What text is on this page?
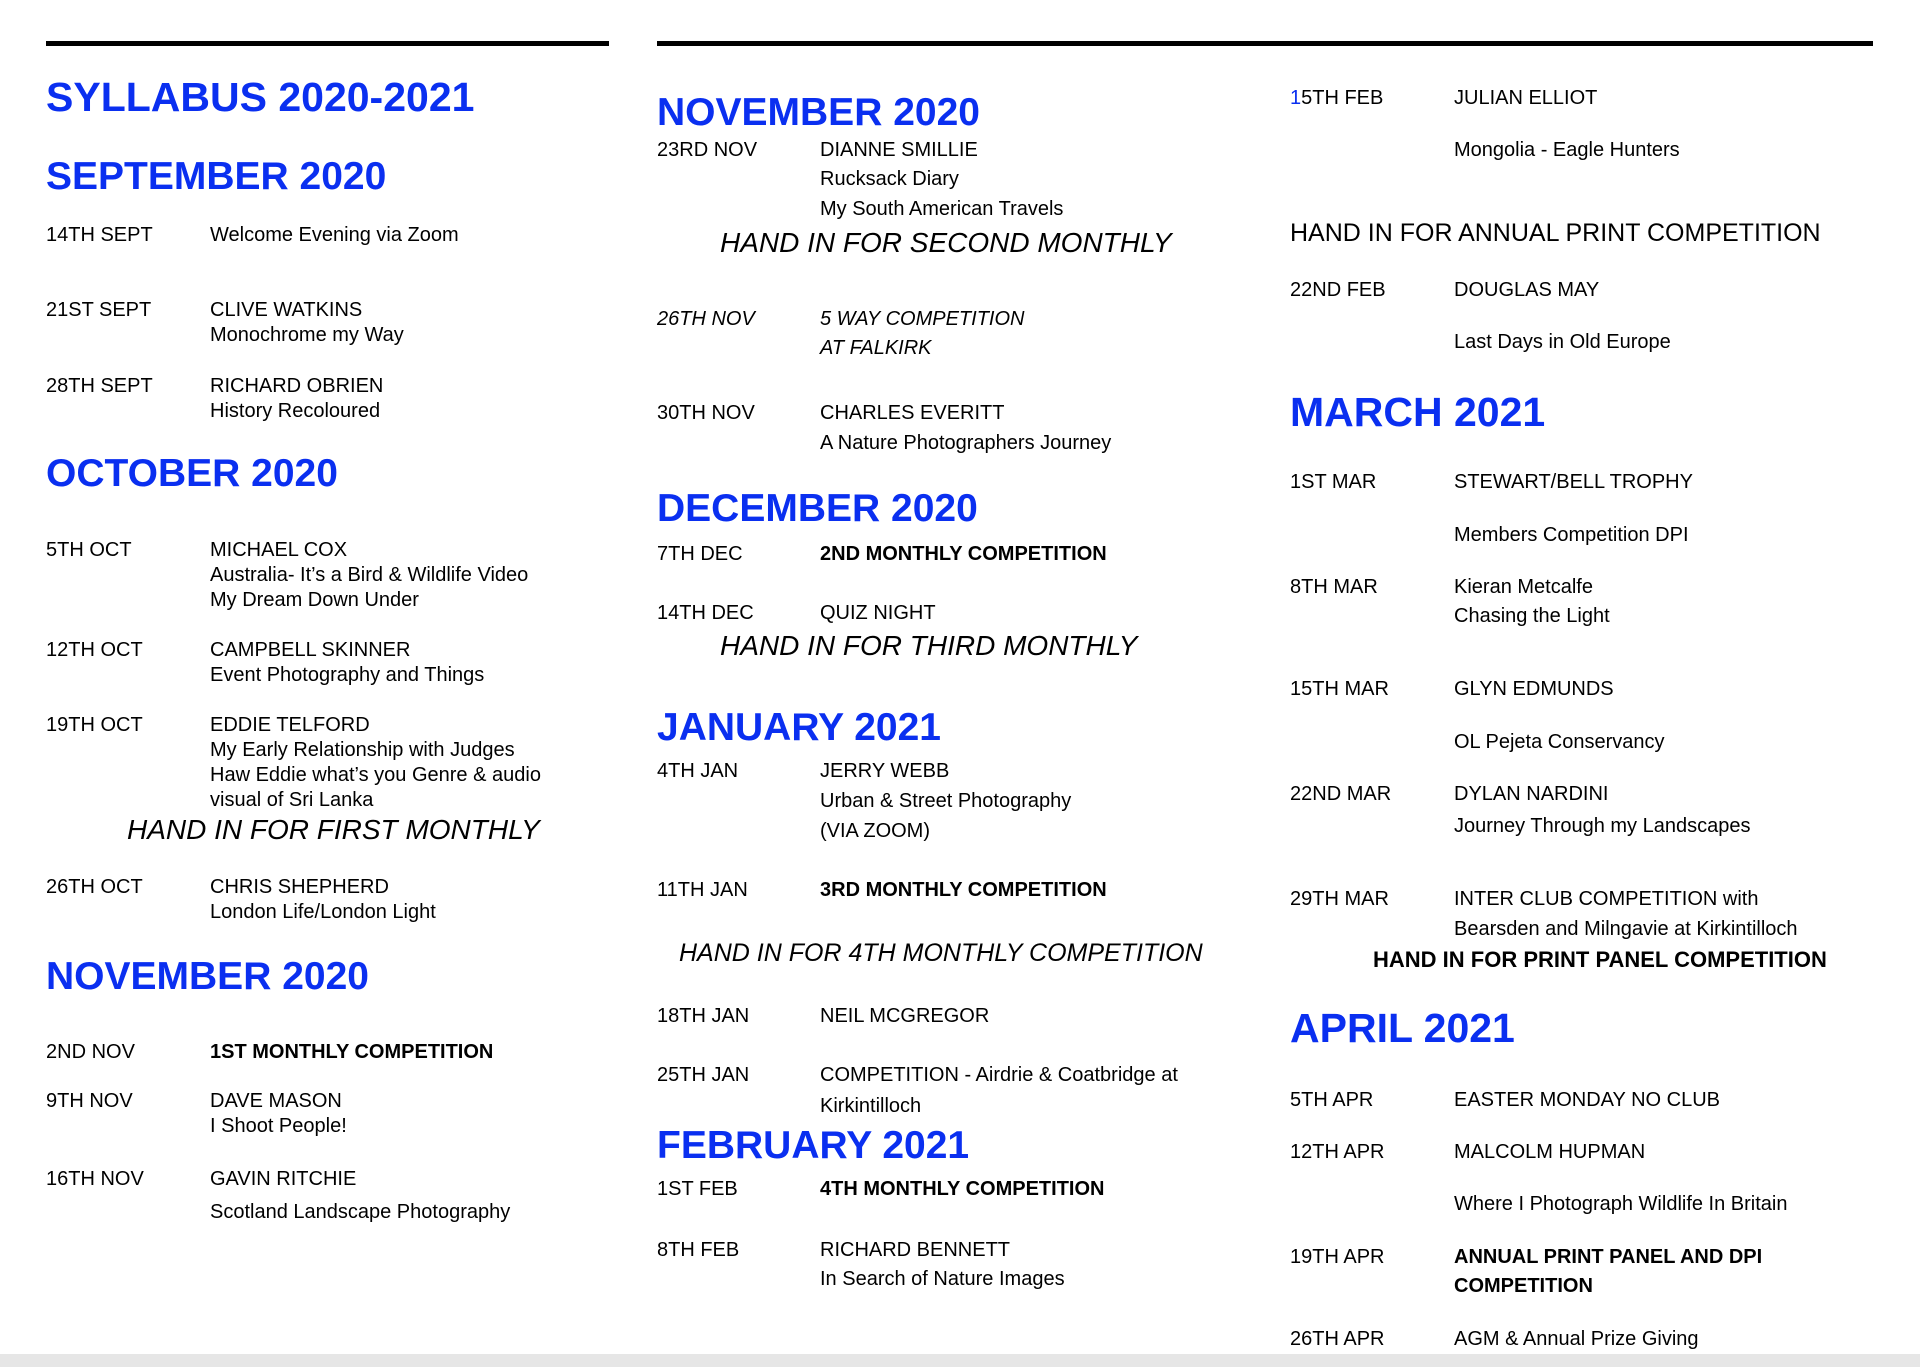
SYLLABUS 2020-2021
SEPTEMBER 2020
14TH SEPT	Welcome Evening via Zoom
21ST SEPT	CLIVE WATKINS
Monochrome my Way
28TH SEPT	RICHARD OBRIEN
History Recoloured
OCTOBER 2020
5TH OCT	MICHAEL COX
Australia- It’s a Bird & Wildlife Video
My Dream Down Under
12TH OCT	CAMPBELL SKINNER
Event Photography and Things
19TH OCT	EDDIE TELFORD
My Early Relationship with Judges
Haw Eddie what’s you Genre & audio
visual of Sri Lanka
HAND IN FOR FIRST MONTHLY
26TH OCT	CHRIS SHEPHERD
London Life/London Light
NOVEMBER 2020
2ND NOV	1ST MONTHLY COMPETITION
9TH NOV	DAVE MASON
I Shoot People!
16TH NOV	GAVIN RITCHIE
Scotland Landscape Photography
NOVEMBER 2020
23RD NOV	DIANNE SMILLIE
Rucksack Diary
My South American Travels
HAND IN FOR SECOND MONTHLY
26TH NOV	5 WAY COMPETITION
AT FALKIRK
30TH NOV	CHARLES EVERITT
A Nature Photographers Journey
DECEMBER 2020
7TH DEC	2ND MONTHLY COMPETITION
14TH DEC	QUIZ NIGHT
HAND IN FOR THIRD MONTHLY
JANUARY 2021
4TH JAN	JERRY WEBB
Urban & Street Photography
(VIA ZOOM)
11TH JAN	3RD MONTHLY COMPETITION
HAND IN FOR 4TH MONTHLY COMPETITION
18TH JAN	NEIL MCGREGOR
25TH JAN	COMPETITION - Airdrie & Coatbridge at
Kirkintilloch
FEBRUARY 2021
1ST FEB	4TH MONTHLY COMPETITION
8TH FEB	RICHARD BENNETT
In Search of Nature Images
15TH FEB	JULIAN ELLIOT
Mongolia - Eagle Hunters
HAND IN FOR ANNUAL PRINT COMPETITION
22ND FEB	DOUGLAS MAY
Last Days in Old Europe
MARCH 2021
1ST MAR	STEWART/BELL TROPHY
Members Competition DPI
8TH MAR	Kieran Metcalfe
Chasing the Light
15TH MAR	GLYN EDMUNDS
OL Pejeta Conservancy
22ND MAR	DYLAN NARDINI
Journey Through my Landscapes
29TH MAR	INTER CLUB COMPETITION with
Bearsden and Milngavie at Kirkintilloch
HAND IN FOR PRINT PANEL COMPETITION
APRIL 2021
5TH APR	EASTER MONDAY NO CLUB
12TH APR	MALCOLM HUPMAN
Where I Photograph Wildlife In Britain
19TH APR	ANNUAL PRINT PANEL AND DPI
COMPETITION
26TH APR	AGM & Annual Prize Giving
